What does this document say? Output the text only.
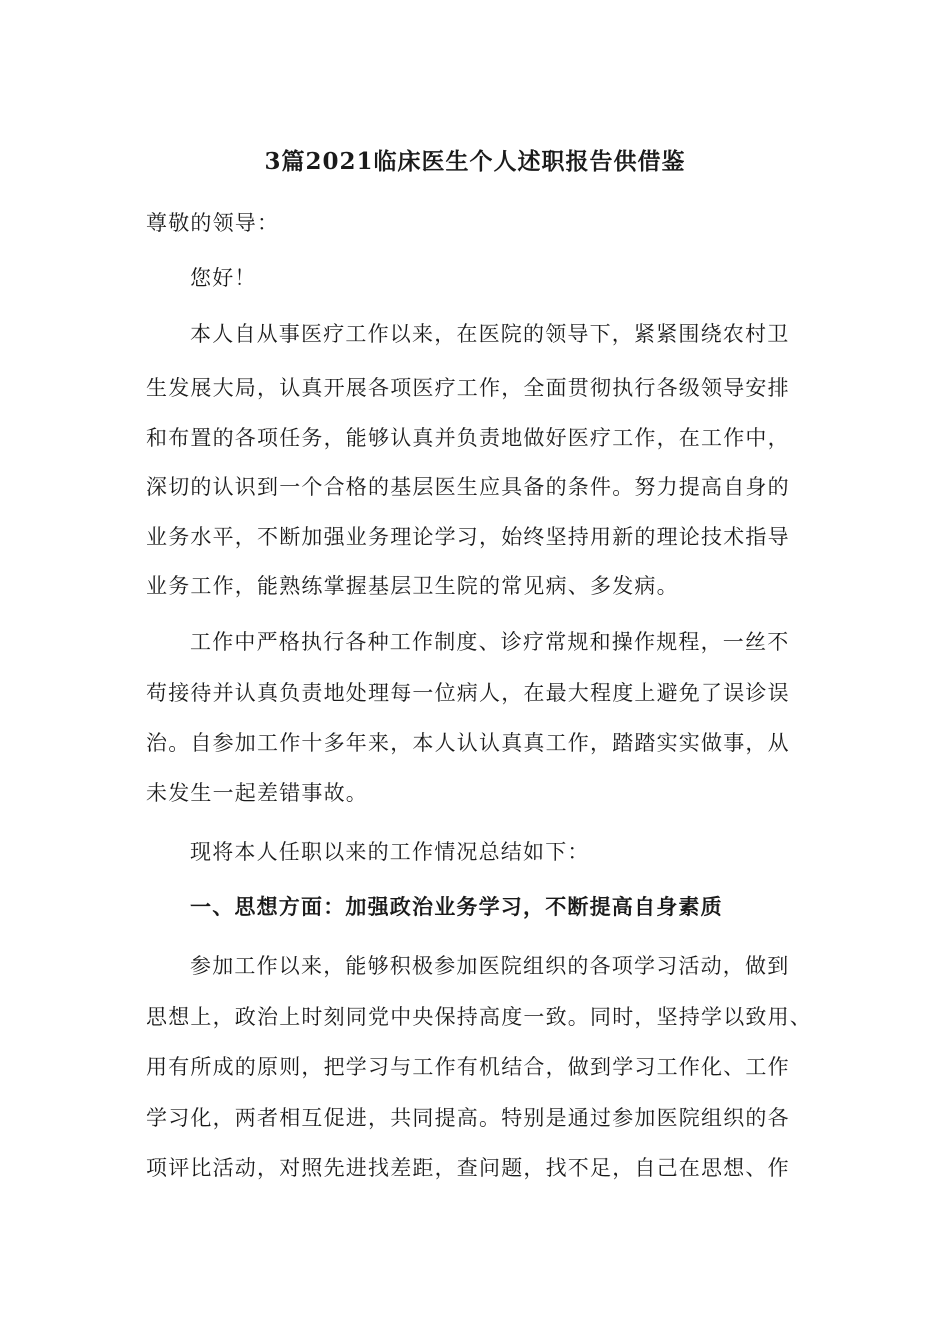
3篇2021临床医生个人述职报告供借鉴
尊敬的领导：
您好！
本人自从事医疗工作以来，在医院的领导下，紧紧围绕农村卫
生发展大局，认真开展各项医疗工作，全面贯彻执行各级领导安排
和布置的各项任务，能够认真并负责地做好医疗工作，在工作中，
深切的认识到一个合格的基层医生应具备的条件。努力提高自身的
业务水平，不断加强业务理论学习，始终坚持用新的理论技术指导
业务工作，能熟练掌握基层卫生院的常见病、多发病。
工作中严格执行各种工作制度、诊疗常规和操作规程，一丝不
苟接待并认真负责地处理每一位病人，在最大程度上避免了误诊误
治。自参加工作十多年来，本人认认真真工作，踏踏实实做事，从
未发生一起差错事故。
现将本人任职以来的工作情况总结如下：
一、思想方面：加强政治业务学习，不断提高自身素质
参加工作以来，能够积极参加医院组织的各项学习活动，做到
思想上，政治上时刻同党中央保持高度一致。同时，坚持学以致用、
用有所成的原则，把学习与工作有机结合，做到学习工作化、工作
学习化，两者相互促进，共同提高。特别是通过参加医院组织的各
项评比活动，对照先进找差距，查问题，找不足，自己在思想、作
